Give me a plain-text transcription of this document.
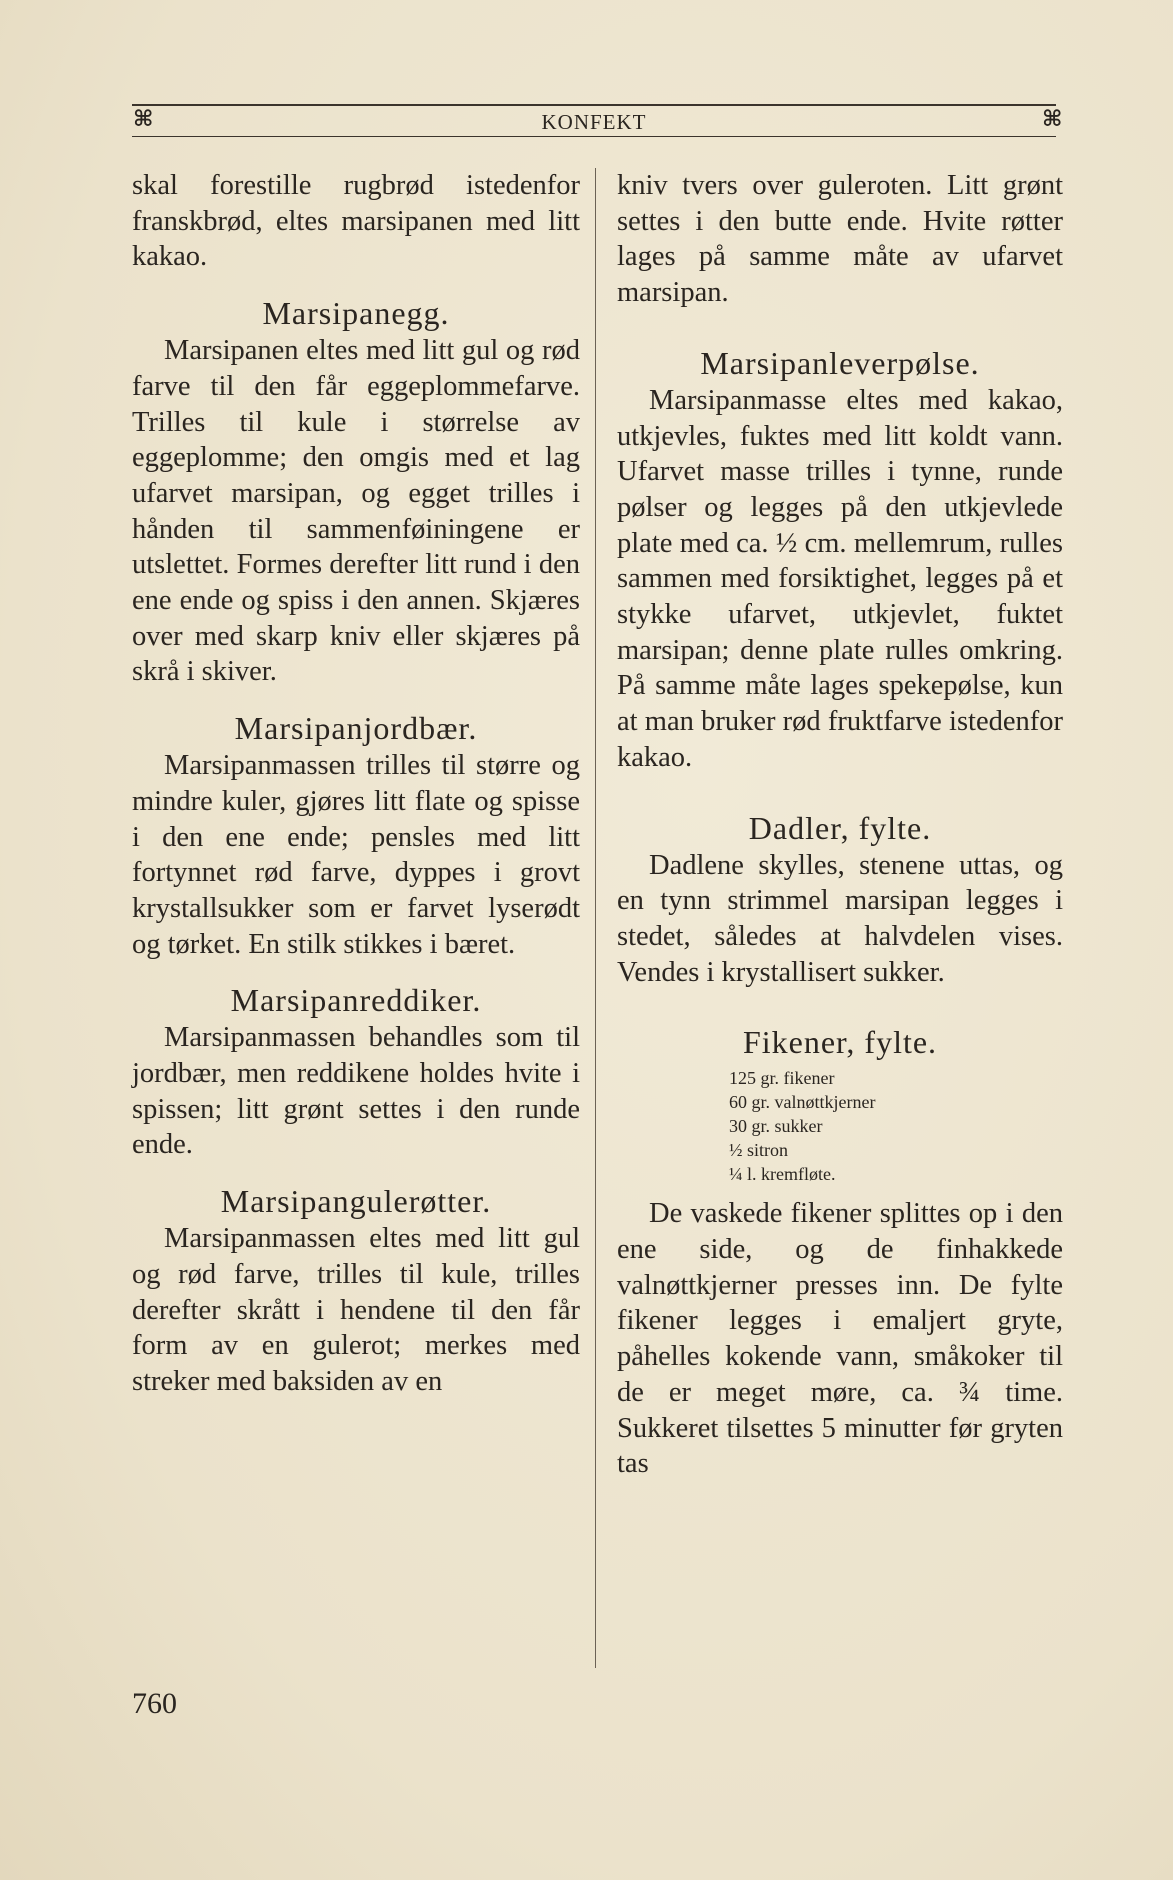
⌘	KONFEKT	⌘

skal forestille rugbrød istedenfor franskbrød, eltes marsipanen med litt kakao.

Marsipanegg.

Marsipanen eltes med litt gul og rød farve til den får eggeplommefarve. Trilles til kule i størrelse av eggeplomme; den omgis med et lag ufarvet marsipan, og egget trilles i hånden til sammenføiningene er utslettet. Formes derefter litt rund i den ene ende og spiss i den annen. Skjæres over med skarp kniv eller skjæres på skrå i skiver.

Marsipanjordbær.

Marsipanmassen trilles til større og mindre kuler, gjøres litt flate og spisse i den ene ende; pensles med litt fortynnet rød farve, dyppes i grovt krystallsukker som er farvet lyserødt og tørket. En stilk stikkes i bæret.

Marsipanreddiker.

Marsipanmassen behandles som til jordbær, men reddikene holdes hvite i spissen; litt grønt settes i den runde ende.

Marsipangulerøtter.

Marsipanmassen eltes med litt gul og rød farve, trilles til kule, trilles derefter skrått i hendene til den får form av en gulerot; merkes med streker med baksiden av en

kniv tvers over guleroten. Litt grønt settes i den butte ende. Hvite røtter lages på samme måte av ufarvet marsipan.

Marsipanleverpølse.

Marsipanmasse eltes med kakao, utkjevles, fuktes med litt koldt vann. Ufarvet masse trilles i tynne, runde pølser og legges på den utkjevlede plate med ca. ½ cm. mellemrum, rulles sammen med forsiktighet, legges på et stykke ufarvet, utkjevlet, fuktet marsipan; denne plate rulles omkring. På samme måte lages spekepølse, kun at man bruker rød fruktfarve istedenfor kakao.

Dadler, fylte.

Dadlene skylles, stenene uttas, og en tynn strimmel marsipan legges i stedet, således at halvdelen vises. Vendes i krystallisert sukker.

Fikener, fylte.
125 gr. fikener
60 gr. valnøttkjerner
30 gr. sukker
½ sitron
¼ l. kremfløte.

De vaskede fikener splittes op i den ene side, og de finhakkede valnøttkjerner presses inn. De fylte fikener legges i emaljert gryte, påhelles kokende vann, småkoker til de er meget møre, ca. ¾ time. Sukkeret tilsettes 5 minutter før gryten tas

760
